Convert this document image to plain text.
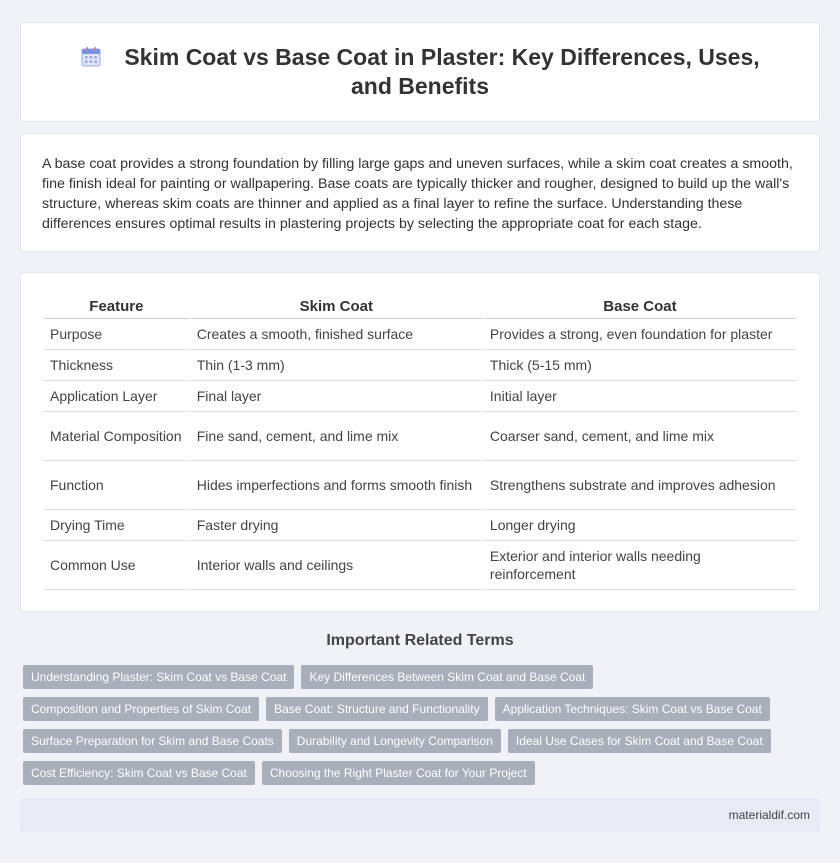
Skim Coat vs Base Coat in Plaster: Key Differences, Uses, and Benefits

A base coat provides a strong foundation by filling large gaps and uneven surfaces, while a skim coat creates a smooth, fine finish ideal for painting or wallpapering. Base coats are typically thicker and rougher, designed to build up the wall's structure, whereas skim coats are thinner and applied as a final layer to refine the surface. Understanding these differences ensures optimal results in plastering projects by selecting the appropriate coat for each stage.

Feature	Skim Coat	Base Coat
Purpose	Creates a smooth, finished surface	Provides a strong, even foundation for plaster
Thickness	Thin (1-3 mm)	Thick (5-15 mm)
Application Layer	Final layer	Initial layer
Material Composition	Fine sand, cement, and lime mix	Coarser sand, cement, and lime mix
Function	Hides imperfections and forms smooth finish	Strengthens substrate and improves adhesion
Drying Time	Faster drying	Longer drying
Common Use	Interior walls and ceilings	Exterior and interior walls needing reinforcement
Important Related Terms
Understanding Plaster: Skim Coat vs Base Coat	Key Differences Between Skim Coat and Base Coat
Composition and Properties of Skim Coat	Base Coat: Structure and Functionality	Application Techniques: Skim Coat vs Base Coat
Surface Preparation for Skim and Base Coats	Durability and Longevity Comparison	Ideal Use Cases for Skim Coat and Base Coat
Cost Efficiency: Skim Coat vs Base Coat	Choosing the Right Plaster Coat for Your Project
materialdif.com
